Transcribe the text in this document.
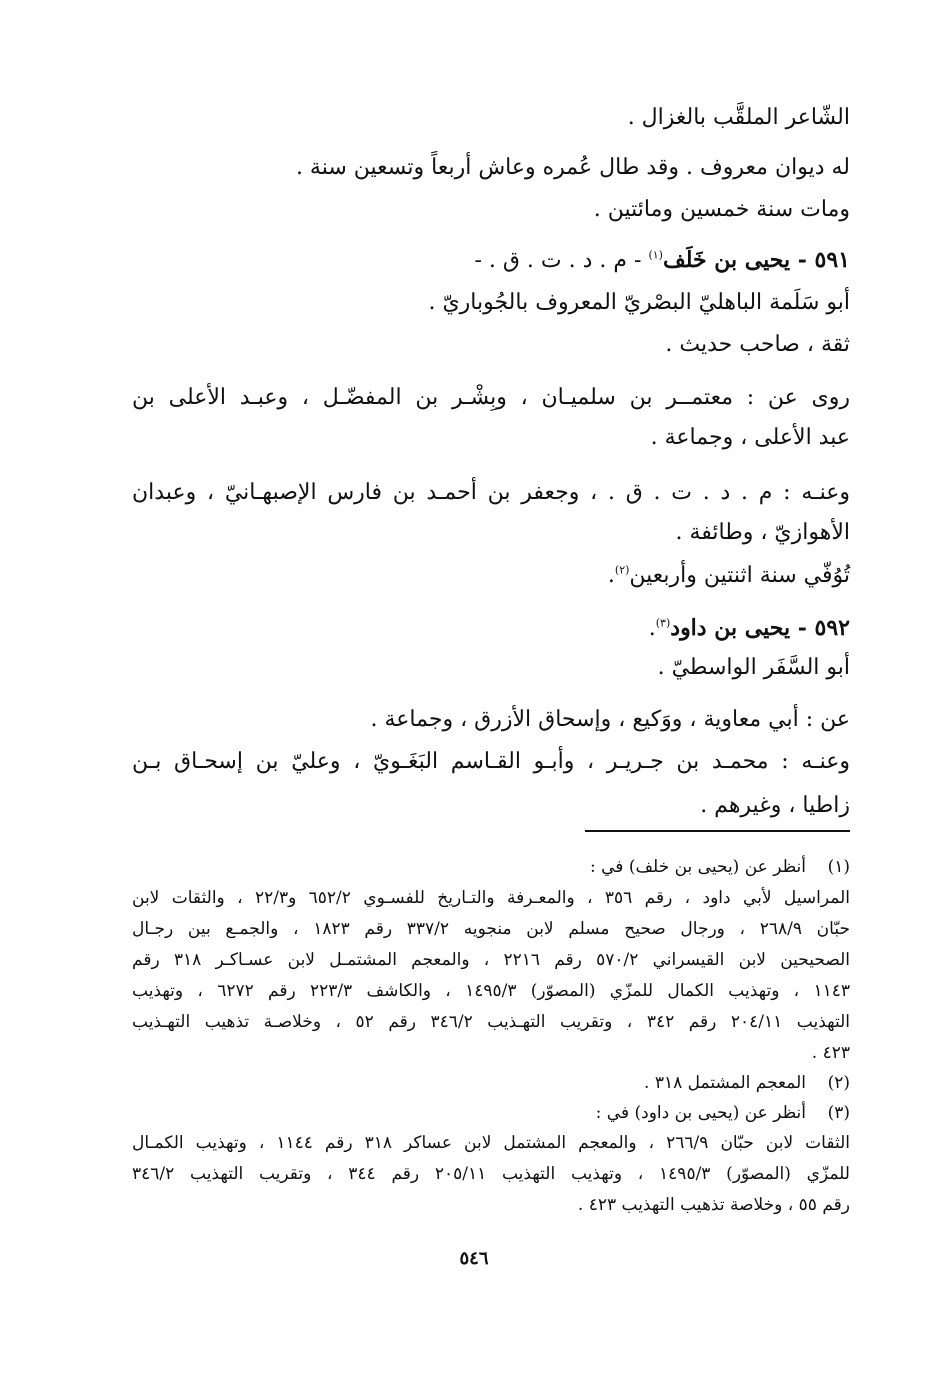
الشّاعر الملقَّب بالغزال .
له ديوان معروف . وقد طال عُمره وعاش أربعاً وتسعين سنة .
ومات سنة خمسين ومائتين .
٥٩١ - يحيى بن خَلَف$^{(١)}$ - م . د . ت . ق . -
أبو سَلَمة الباهليّ البصْريّ المعروف بالجُوباريّ .
ثقة ، صاحب حديث .
روى عن : معتمــر بن سلميـان ، وبِشْـر بن المفضّـل ، وعبـد الأعلى بن
عبد الأعلى ، وجماعة .
وعنـه : م . د . ت . ق . ، وجعفر بن أحمـد بن فارس الإصبهـانيّ ، وعبدان
الأهوازيّ ، وطائفة .
تُوُفّي سنة اثنتين وأربعين$^{(٢)}$.
٥٩٢ - يحيى بن داود$^{(٣)}$.
أبو السَّفَر الواسطيّ .
عن : أبي معاوية ، ووَكيع ، وإسحاق الأزرق ، وجماعة .
وعنـه : محمـد بن جـريـر ، وأبـو القـاسم البَغَـويّ ، وعليّ بن إسحـاق بـن
زاطيا ، وغيرهم .
(١)أنظر عن (يحيى بن خلف) في :
المراسيل لأبي داود ، رقم ٣٥٦ ، والمعـرفة والتـاريخ للفسـوي ٦٥٢/٢ و٢٢/٣ ، والثقات لابن
حبّان ٢٦٨/٩ ، ورجال صحيح مسلم لابن منجويه ٣٣٧/٢ رقم ١٨٢٣ ، والجمـع بين رجـال
الصحيحين لابن القيسراني ٥٧٠/٢ رقم ٢٢١٦ ، والمعجم المشتمـل لابن عسـاكـر ٣١٨ رقم
١١٤٣ ، وتهذيب الكمال للمزّي (المصوّر) ١٤٩٥/٣ ، والكاشف ٢٢٣/٣ رقم ٦٢٧٢ ، وتهذيب
التهذيب ٢٠٤/١١ رقم ٣٤٢ ، وتقريب التهـذيب ٣٤٦/٢ رقم ٥٢ ، وخلاصـة تذهيب التهـذيب
٤٢٣ .
(٢)المعجم المشتمل ٣١٨ .
(٣)أنظر عن (يحيى بن داود) في :
الثقات لابن حبّان ٢٦٦/٩ ، والمعجم المشتمل لابن عساكر ٣١٨ رقم ١١٤٤ ، وتهذيب الكمـال
للمزّي (المصوّر) ١٤٩٥/٣ ، وتهذيب التهذيب ٢٠٥/١١ رقم ٣٤٤ ، وتقريب التهذيب ٣٤٦/٢
رقم ٥٥ ، وخلاصة تذهيب التهذيب ٤٢٣ .
٥٤٦
